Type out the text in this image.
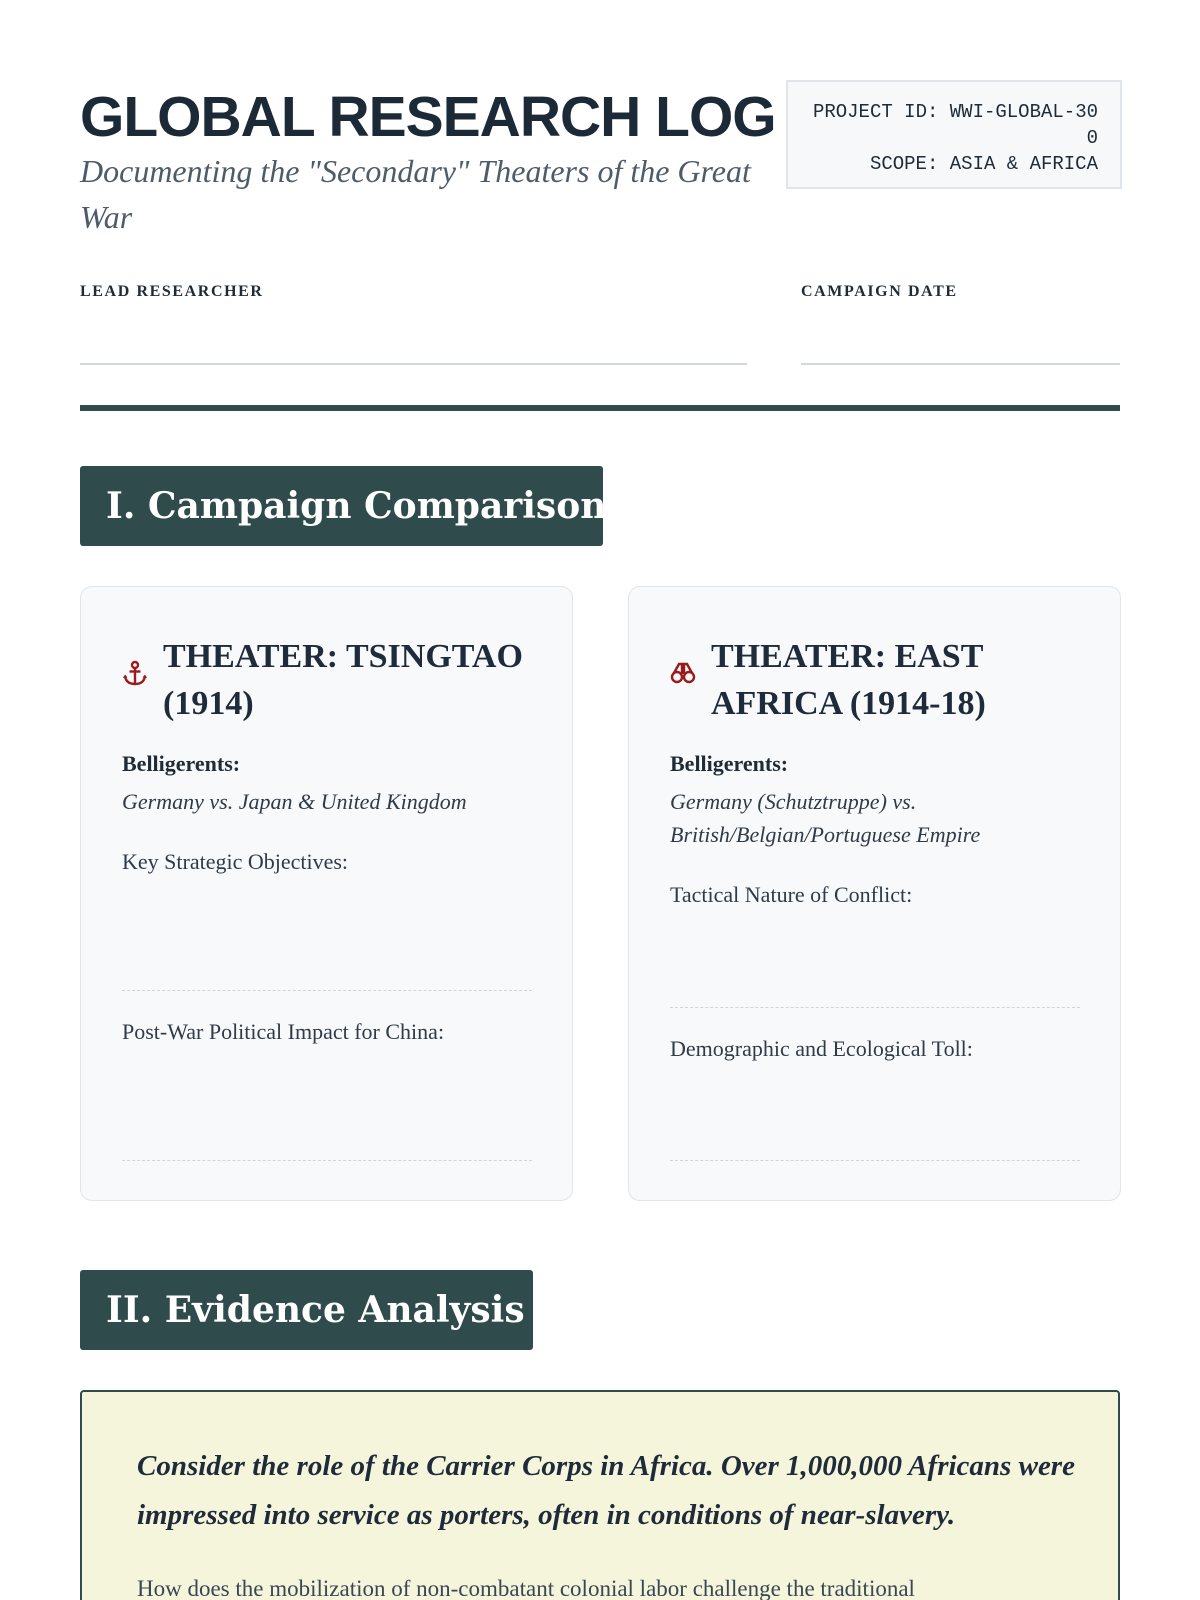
GLOBAL RESEARCH LOG

Documenting the "Secondary" Theaters of the Great War

PROJECT ID: WWI-GLOBAL-300
SCOPE: ASIA & AFRICA
LEAD RESEARCHER	CAMPAIGN DATE
I. Campaign Comparison
THEATER: TSINGTAO (1914)
Belligerents:
Germany vs. Japan & United Kingdom
Key Strategic Objectives:
Post-War Political Impact for China:
THEATER: EAST AFRICA (1914-18)
Belligerents:
Germany (Schutztruppe) vs. British/Belgian/Portuguese Empire
Tactical Nature of Conflict:
Demographic and Ecological Toll:
II. Evidence Analysis

Consider the role of the Carrier Corps in Africa. Over 1,000,000 Africans were impressed into service as porters, often in conditions of near-slavery.

How does the mobilization of non-combatant colonial labor challenge the traditional
